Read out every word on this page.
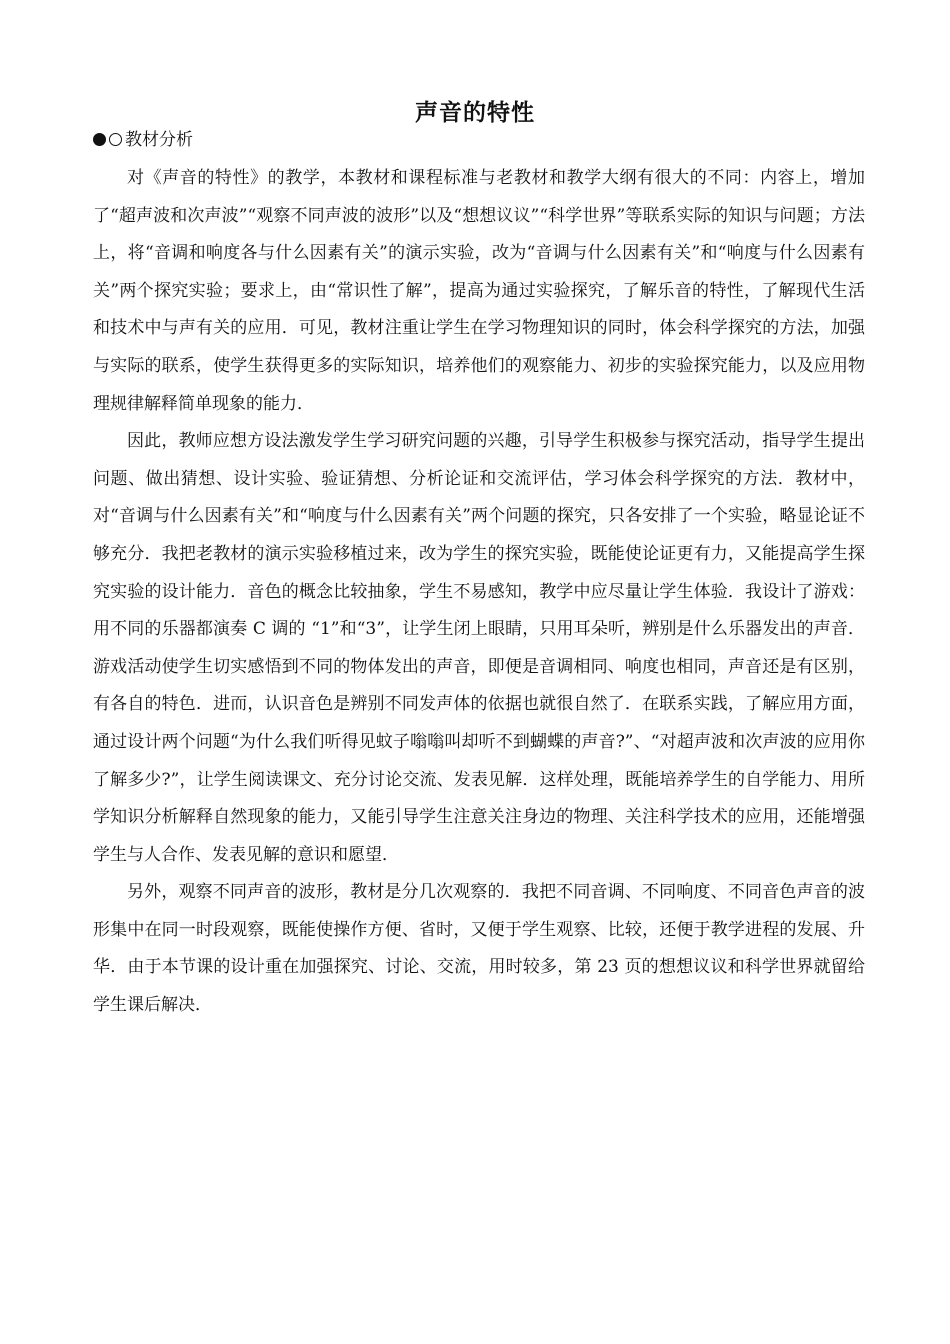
声音的特性
教材分析

对《声音的特性》的教学，本教材和课程标准与老教材和教学大纲有很大的不同：内容上，增加了“超声波和次声波”“观察不同声波的波形”以及“想想议议”“科学世界”等联系实际的知识与问题；方法上，将“音调和响度各与什么因素有关”的演示实验，改为“音调与什么因素有关”和“响度与什么因素有关”两个探究实验；要求上，由“常识性了解”，提高为通过实验探究，了解乐音的特性，了解现代生活和技术中与声有关的应用．可见，教材注重让学生在学习物理知识的同时，体会科学探究的方法，加强与实际的联系，使学生获得更多的实际知识，培养他们的观察能力、初步的实验探究能力，以及应用物理规律解释简单现象的能力．

因此，教师应想方设法激发学生学习研究问题的兴趣，引导学生积极参与探究活动，指导学生提出问题、做出猜想、设计实验、验证猜想、分析论证和交流评估，学习体会科学探究的方法．教材中，对“音调与什么因素有关”和“响度与什么因素有关”两个问题的探究，只各安排了一个实验，略显论证不够充分．我把老教材的演示实验移植过来，改为学生的探究实验，既能使论证更有力，又能提高学生探究实验的设计能力．音色的概念比较抽象，学生不易感知，教学中应尽量让学生体验．我设计了游戏：用不同的乐器都演奏 C 调的 “1”和“3”，让学生闭上眼睛，只用耳朵听，辨别是什么乐器发出的声音．游戏活动使学生切实感悟到不同的物体发出的声音，即便是音调相同、响度也相同，声音还是有区别，有各自的特色．进而，认识音色是辨别不同发声体的依据也就很自然了．在联系实践，了解应用方面，通过设计两个问题“为什么我们听得见蚊子嗡嗡叫却听不到蝴蝶的声音?”、“对超声波和次声波的应用你了解多少?”，让学生阅读课文、充分讨论交流、发表见解．这样处理，既能培养学生的自学能力、用所学知识分析解释自然现象的能力，又能引导学生注意关注身边的物理、关注科学技术的应用，还能增强学生与人合作、发表见解的意识和愿望．

另外，观察不同声音的波形，教材是分几次观察的．我把不同音调、不同响度、不同音色声音的波形集中在同一时段观察，既能使操作方便、省时，又便于学生观察、比较，还便于教学进程的发展、升华．由于本节课的设计重在加强探究、讨论、交流，用时较多，第 23 页的想想议议和科学世界就留给学生课后解决．
